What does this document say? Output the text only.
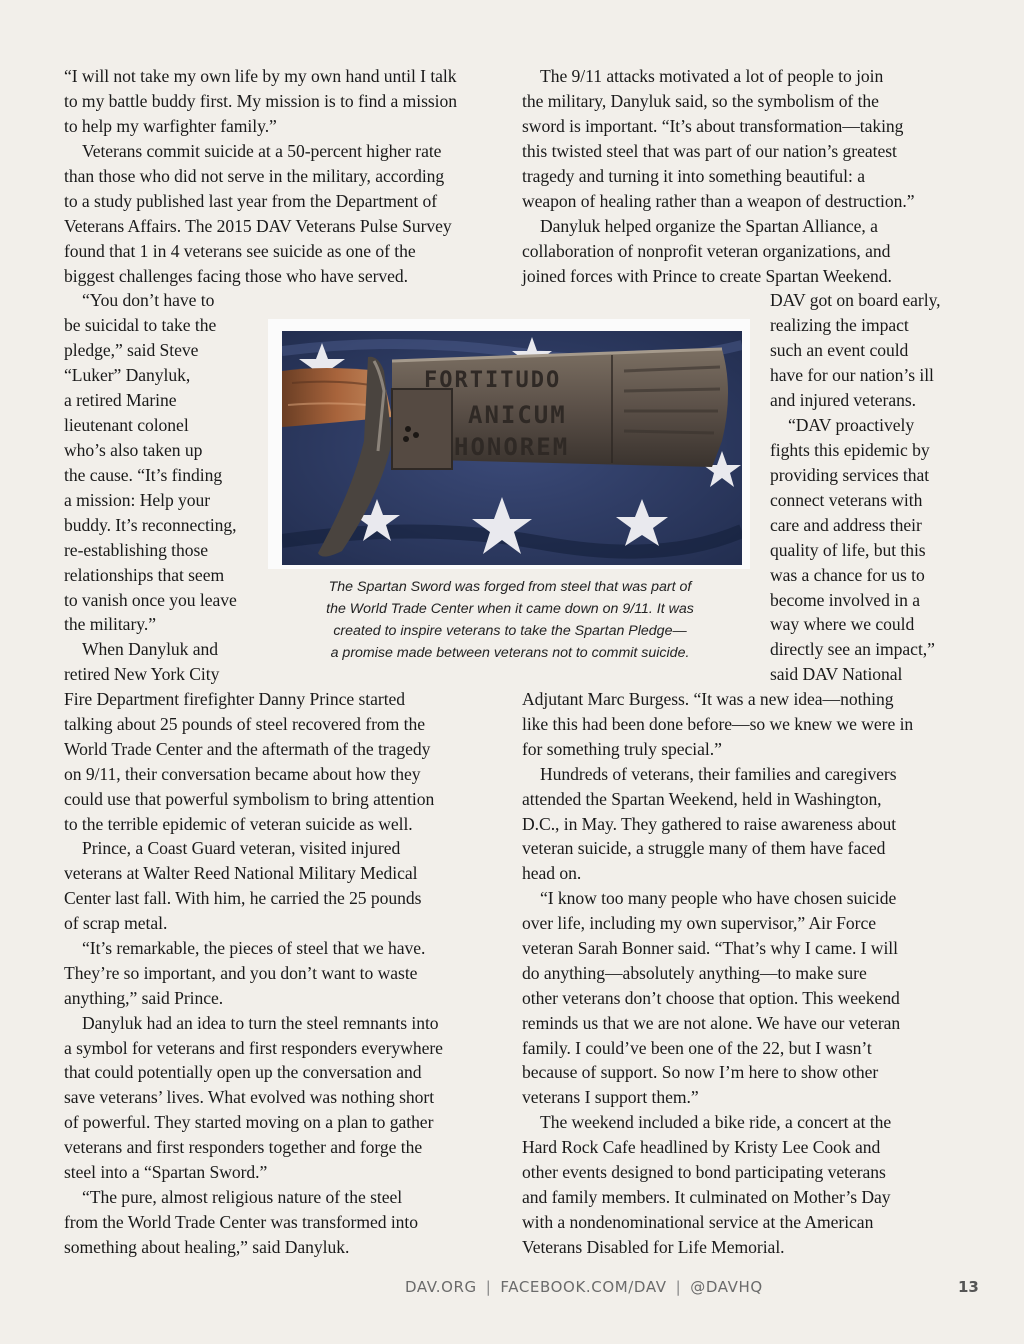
“I will not take my own life by my own hand until I talk
to my battle buddy first. My mission is to find a mission
to help my warfighter family.”
Veterans commit suicide at a 50-percent higher rate
than those who did not serve in the military, according
to a study published last year from the Department of
Veterans Affairs. The 2015 DAV Veterans Pulse Survey
found that 1 in 4 veterans see suicide as one of the
biggest challenges facing those who have served.
“You don’t have to
be suicidal to take the
pledge,” said Steve
“Luker” Danyluk,
a retired Marine
lieutenant colonel
who’s also taken up
the cause. “It’s finding
a mission: Help your
buddy. It’s reconnecting,
re-establishing those
relationships that seem
to vanish once you leave
the military.”
When Danyluk and
retired New York City
Fire Department firefighter Danny Prince started
talking about 25 pounds of steel recovered from the
World Trade Center and the aftermath of the tragedy
on 9/11, their conversation became about how they
could use that powerful symbolism to bring attention
to the terrible epidemic of veteran suicide as well.
Prince, a Coast Guard veteran, visited injured
veterans at Walter Reed National Military Medical
Center last fall. With him, he carried the 25 pounds
of scrap metal.
“It’s remarkable, the pieces of steel that we have.
They’re so important, and you don’t want to waste
anything,” said Prince.
Danyluk had an idea to turn the steel remnants into
a symbol for veterans and first responders everywhere
that could potentially open up the conversation and
save veterans’ lives. What evolved was nothing short
of powerful. They started moving on a plan to gather
veterans and first responders together and forge the
steel into a “Spartan Sword.”
“The pure, almost religious nature of the steel
from the World Trade Center was transformed into
something about healing,” said Danyluk.
The 9/11 attacks motivated a lot of people to join
the military, Danyluk said, so the symbolism of the
sword is important. “It’s about transformation—taking
this twisted steel that was part of our nation’s greatest
tragedy and turning it into something beautiful: a
weapon of healing rather than a weapon of destruction.”
Danyluk helped organize the Spartan Alliance, a
collaboration of nonprofit veteran organizations, and
joined forces with Prince to create Spartan Weekend.
DAV got on board early,
realizing the impact
such an event could
have for our nation’s ill
and injured veterans.
“DAV proactively
fights this epidemic by
providing services that
connect veterans with
care and address their
quality of life, but this
was a chance for us to
become involved in a
way where we could
directly see an impact,”
said DAV National
Adjutant Marc Burgess. “It was a new idea—nothing
like this had been done before—so we knew we were in
for something truly special.”
Hundreds of veterans, their families and caregivers
attended the Spartan Weekend, held in Washington,
D.C., in May. They gathered to raise awareness about
veteran suicide, a struggle many of them have faced
head on.
“I know too many people who have chosen suicide
over life, including my own supervisor,” Air Force
veteran Sarah Bonner said. “That’s why I came. I will
do anything—absolutely anything—to make sure
other veterans don’t choose that option. This weekend
reminds us that we are not alone. We have our veteran
family. I could’ve been one of the 22, but I wasn’t
because of support. So now I’m here to show other
veterans I support them.”
The weekend included a bike ride, a concert at the
Hard Rock Cafe headlined by Kristy Lee Cook and
other events designed to bond participating veterans
and family members. It culminated on Mother’s Day
with a nondenominational service at the American
Veterans Disabled for Life Memorial.
FORTITUDO
ANICUM
HONOREM
The Spartan Sword was forged from steel that was part of
the World Trade Center when it came down on 9/11. It was
created to inspire veterans to take the Spartan Pledge—
a promise made between veterans not to commit suicide.
DAV.ORG | FACEBOOK.COM/DAV | @DAVHQ	13
